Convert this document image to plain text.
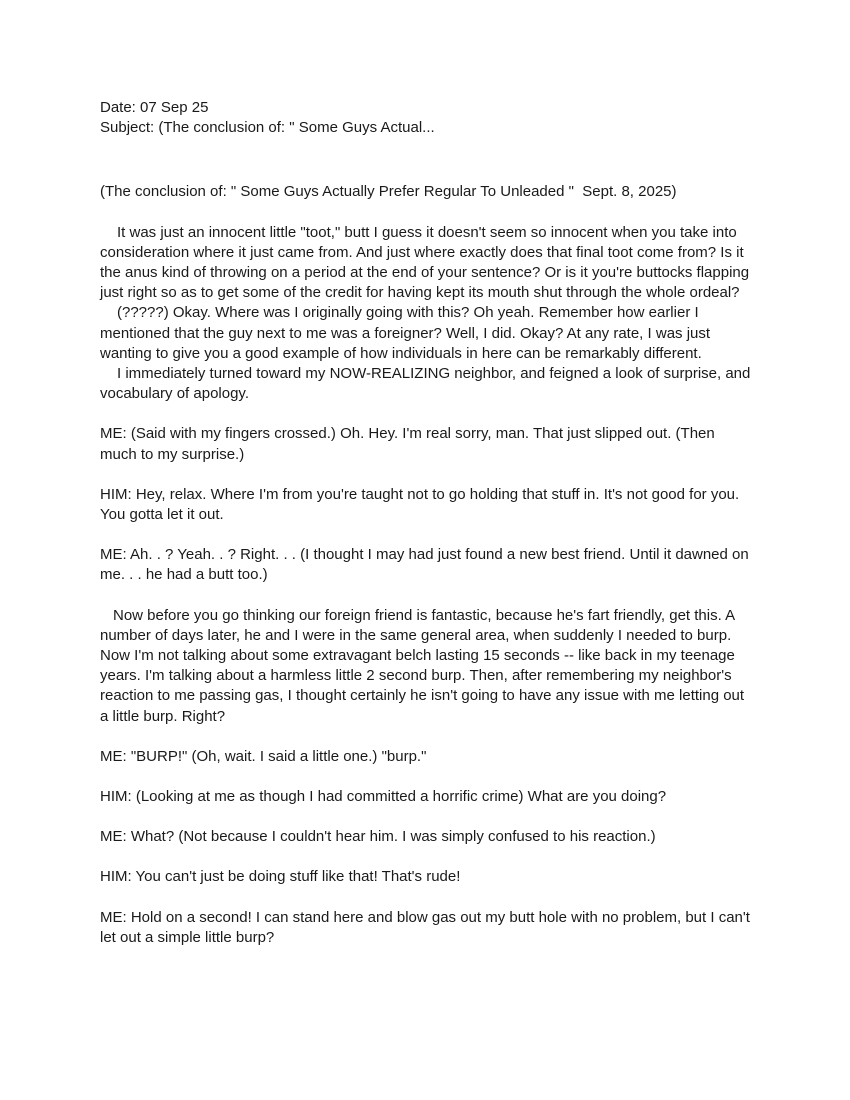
Date: 07 Sep 25

Subject: (The conclusion of: " Some Guys Actual...

(The conclusion of: " Some Guys Actually Prefer Regular To Unleaded "  Sept. 8, 2025)

It was just an innocent little "toot," butt I guess it doesn't seem so innocent when you take into consideration where it just came from. And just where exactly does that final toot come from? Is it the anus kind of throwing on a period at the end of your sentence? Or is it you're buttocks flapping just right so as to get some of the credit for having kept its mouth shut through the whole ordeal?

(?????) Okay. Where was I originally going with this? Oh yeah. Remember how earlier I mentioned that the guy next to me was a foreigner? Well, I did. Okay? At any rate, I was just wanting to give you a good example of how individuals in here can be remarkably different.

I immediately turned toward my NOW-REALIZING neighbor, and feigned a look of surprise, and vocabulary of apology.

ME: (Said with my fingers crossed.) Oh. Hey. I'm real sorry, man. That just slipped out. (Then much to my surprise.)

HIM: Hey, relax. Where I'm from you're taught not to go holding that stuff in. It's not good for you. You gotta let it out.

ME: Ah. . ? Yeah. . ? Right. . . (I thought I may had just found a new best friend. Until it dawned on me. . . he had a butt too.)

Now before you go thinking our foreign friend is fantastic, because he's fart friendly, get this. A number of days later, he and I were in the same general area, when suddenly I needed to burp. Now I'm not talking about some extravagant belch lasting 15 seconds -- like back in my teenage years. I'm talking about a harmless little 2 second burp. Then, after remembering my neighbor's reaction to me passing gas, I thought certainly he isn't going to have any issue with me letting out a little burp. Right?

ME: "BURP!" (Oh, wait. I said a little one.) "burp."

HIM: (Looking at me as though I had committed a horrific crime) What are you doing?

ME: What? (Not because I couldn't hear him. I was simply confused to his reaction.)

HIM: You can't just be doing stuff like that! That's rude!

ME: Hold on a second! I can stand here and blow gas out my butt hole with no problem, but I can't let out a simple little burp?
